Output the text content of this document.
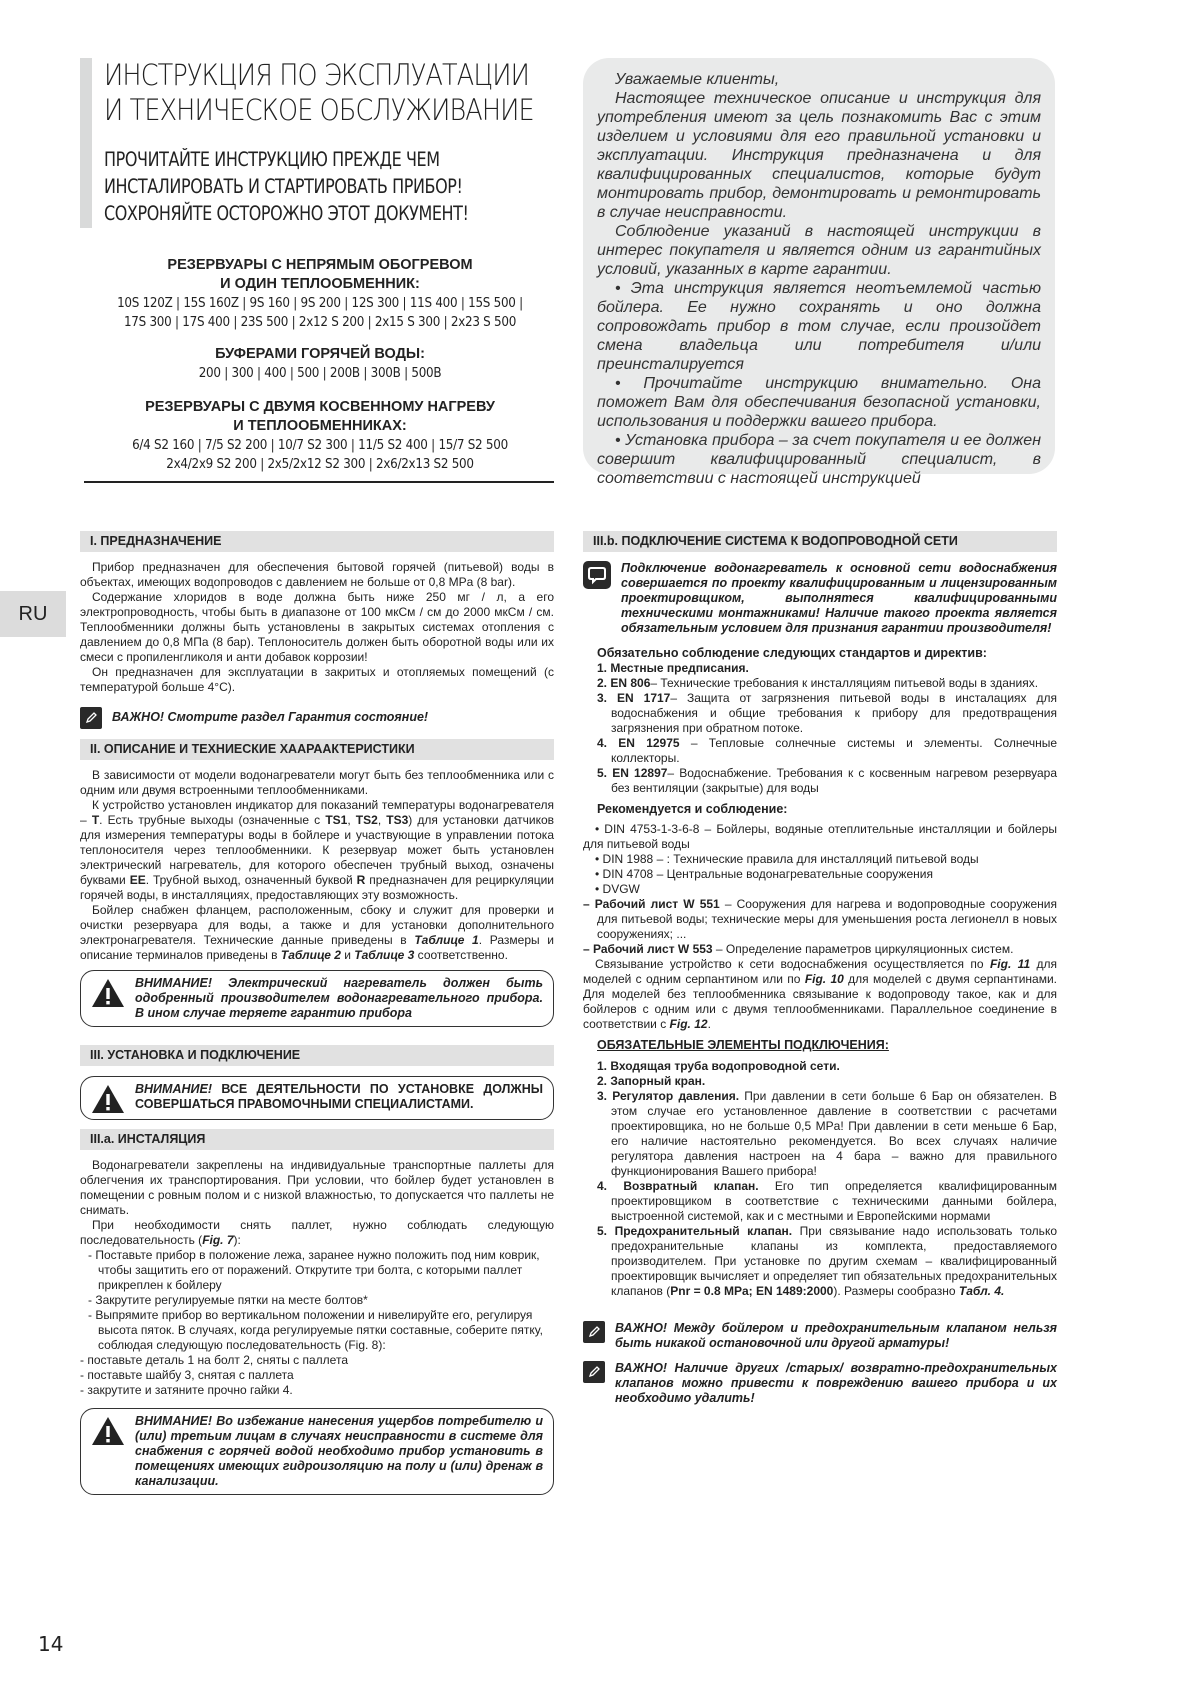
ИНСТРУКЦИЯ ПО ЭКСПЛУАТАЦИИ
И ТЕХНИЧЕСКОЕ ОБСЛУЖИВАНИЕ
ПРОЧИТАЙТЕ ИНСТРУКЦИЮ ПРЕЖДЕ ЧЕМ
ИНСТАЛИРОВАТЬ И СТАРТИРОВАТЬ ПРИБОР!
СОХРОНЯЙТЕ ОСТОРОЖНО ЭТОТ ДОКУМЕНТ!
РЕЗЕРВУАРЫ С НЕПРЯМЫМ ОБОГРЕВОМ
И ОДИН ТЕПЛООБМЕННИК:
10S 120Z | 15S 160Z | 9S 160 | 9S 200 | 12S 300 | 11S 400 | 15S 500 |
17S 300 | 17S 400 | 23S 500 | 2x12 S 200 | 2x15 S 300 | 2x23 S 500
БУФЕРАМИ ГОРЯЧЕЙ ВОДЫ:
200 | 300 | 400 | 500 | 200B | 300B | 500B
РЕЗЕРВУАРЫ С ДВУМЯ КОСВЕННОМУ НАГРЕВУ
И ТЕПЛООБМЕННИКАХ:
6/4 S2 160 | 7/5 S2 200 | 10/7 S2 300 | 11/5 S2 400 | 15/7 S2 500
2x4/2x9 S2 200 | 2x5/2x12 S2 300 | 2x6/2x13 S2 500

Уважаемые клиенты,

Настоящее техническое описание и инструкция для употребления имеют за цель познакомить Вас с этим изделием и условиями для его правильной установки и эксплуатации. Инструкция предназначена и для квалифицированных специалистов, которые будут монтировать прибор, демонтировать и ремонтировать в случае неисправности.

Соблюдение указаний в настоящей инструкции в интерес покупателя и является одним из гарантийных условий, указанных в карте гарантии.

• Эта инструкция является неотъемлемой частью бойлера. Ее нужно сохранять и оно должна сопровождать прибор в том случае, если произойдет смена владельца или потребителя и/или преинсталируется

• Прочитайте инструкцию внимательно. Она поможет Вам для обеспечивания безопасной установки, использования и поддержки вашего прибора.

• Установка прибора – за счет покупателя и ее должен совершит квалифицированный специалист, в соответствии с настоящей инструкцией

RU
I. ПРЕДНАЗНАЧЕНИЕ

Прибор предназначен для обеспечения бытовой горячей (питьевой) воды в объектах, имеющих водопроводов с давлением не больше от 0,8 MPa (8 bar).

Содержание хлоридов в воде должна быть ниже 250 мг / л, а его электропроводность, чтобы быть в диапазоне от 100 мкСм / см до 2000 мкСм / см. Теплообменники должны быть установлены в закрытых системах отопления с давлением до 0,8 МПа (8 бар). Теплоноситель должен быть оборотной воды или их смеси с пропиленгликоля и анти добавок коррозии!

Он предназначен для эксплуатации в закритых и отопляемых помещений (с температурой больше 4°C).

ВАЖНО! Смотрите раздел Гарантия состояние!
II. ОПИСАНИЕ И ТЕХНИЕСКИЕ ХААРААКТЕРИСТИКИ

В зависимости от модели водонагреватели могут быть без теплообменника или с одним или двумя встроенными теплообменниками.

К устройство установлен индикатор для показаний температуры водонагревателя – T. Есть трубные выходы (означенные с TS1, TS2, TS3) для установки датчиков для измерения температуры воды в бойлере и участвующие в управлении потока теплоносителя через теплообменники. К резервуар может быть установлен электрический нагреватель, для которого обеспечен трубный выход, означены буквами EE. Трубной выход, означенный буквой R предназначен для рециркуляции горячей воды, в инсталляциях, предоставляющих эту возможность.

Бойлер снабжен фланцем, расположенным, сбоку и служит для проверки и очистки резервуара для воды, а также и для установки дополнительного электронагревателя. Технические данные приведены в Таблице 1. Размеры и описание терминалов приведены в Таблице 2 и Таблице 3 соответственно.

ВНИМАНИЕ! Электрический нагреватель должен быть одобренный производителем водонагревательного прибора. В ином случае теряете гарантию прибора
III. УСТАНОВКА И ПОДКЛЮЧЕНИЕ
ВНИМАНИЕ! ВСЕ ДЕЯТЕЛЬНОСТИ ПО УСТАНОВКЕ ДОЛЖНЫ СОВЕРШАТЬСЯ ПРАВОМОЧНЫМИ СПЕЦИАЛИСТАМИ.
III.a. ИНСТАЛЯЦИЯ

Водонагреватели закреплены на индивидуальные транспортные паллеты для облегчения их транспортирования. При условии, что бойлер будет установлен в помещении с ровным полом и с низкой влажностью, то допускается что паллеты не снимать.

При необходимости снять паллет, нужно соблюдать следующую последовательность (Fig. 7):

- Поставьте прибор в положение лежа, заранее нужно положить под ним коврик, чтобы защитить его от поражений. Открутите три болта, с которыми паллет прикреплен к бойлеру
- Закрутите регулируемые пятки на месте болтов*
- Выпрямите прибор во вертикальном положении и нивелируйте его, регулируя высота пяток. В случаях, когда регулируемые пятки составные, соберите пятку, соблюдая следующую последовательность (Fig. 8):
- поставьте деталь 1 на болт 2, сняты с паллета
- поставьте шайбу 3, снятая с паллета
- закрутите и затяните прочно гайки 4.
ВНИМАНИЕ! Во избежание нанесения ущербов потребителю и (или) третьим лицам в случаях неисправности в системе для снабжения с горячей водой необходимо прибор установить в помещениях имеющих гидроизоляцию на полу и (или) дренаж в канализации.
III.b. ПОДКЛЮЧЕНИЕ СИСТЕМА К ВОДОПРОВОДНОЙ СЕТИ
Подключение водонагреватель к основной сети водоснабжения совершается по проекту квалифицированным и лицензированным проектировщиком, выполнятеся квалифицированными техническими монтажниками! Наличие такого проекта является обязательным условием для признания гарантии производителя!
Обязательно соблюдение следующих стандартов и директив:
1. Местные предписания.
2. EN 806– Технические требования к инсталляциям питьевой воды в зданиях.
3. EN 1717– Защита от загрязнения питьевой воды в инсталациях для водоснабжения и общие требования к прибору для предотвращения загрязнения при обратном потоке.
4. EN 12975 – Тепловые солнечные системы и элементы. Солнечные коллекторы.
5. EN 12897– Водоснабжение. Требования к с косвенным нагревом резервуара без вентиляции (закрытые) для воды
Рекомендуется и соблюдение:

• DIN 4753-1-3-6-8 – Бойлеры, водяные отеплительные инсталляции и бойлеры для питьевой воды

• DIN 1988 – : Технические правила для инсталляций питьевой воды

• DIN 4708 – Центральные водонагревательные сооружения

• DVGW

– Рабочий лист W 551 – Сооружения для нагрева и водопроводные сооружения для питьевой воды; технические меры для уменьшения роста легионелл в новых сооружениях; ...
– Рабочий лист W 553 – Определение параметров циркуляционных систем.

Связывание устройство к сети водоснабжения осуществляется по Fig. 11 для моделей с одним серпантином или по Fig. 10 для моделей с двумя серпантинами. Для моделей без теплообменника связывание к водопроводу такое, как и для бойлеров с одним или с двумя теплообменниками. Параллельное соединение в соответствии с Fig. 12.

ОБЯЗАТЕЛЬНЫЕ ЭЛЕМЕНТЫ ПОДКЛЮЧЕНИЯ:
1. Входящая труба водопроводной сети.
2. Запорный кран.
3. Регулятор давления. При давлении в сети больше 6 Бар он обязателен. В этом случае его установленное давление в соответствии с расчетами проектировщика, но не больше 0,5 MPa! При давлении в сети меньше 6 Бар, его наличие настоятельно рекомендуется. Во всех случаях наличие регулятора давления настроен на 4 бара – важно для правильного функционирования Вашего прибора!
4. Возвратный клапан. Его тип определяется квалифицированным проектировщиком в соответствие с техническими данными бойлера, выстроенной системой, как и с местными и Европейскими нормами
5. Предохранительный клапан. При связывание надо использовать только предохранительные клапаны из комплекта, предоставляемого производителем. При установке по другим схемам – квалифицированный проектировщик вычисляет и определяет тип обязательных предохранительных клапанов (Pnr = 0.8 MPa; EN 1489:2000). Размеры сообразно Табл. 4.
ВАЖНО! Между бойлером и предохранительным клапаном нельзя быть никакой остановочной или другой арматуры!
ВАЖНО! Наличие других /старых/ возвратно-предохранительных клапанов можно привести к повреждению вашего прибора и их необходимо удалить!
14
